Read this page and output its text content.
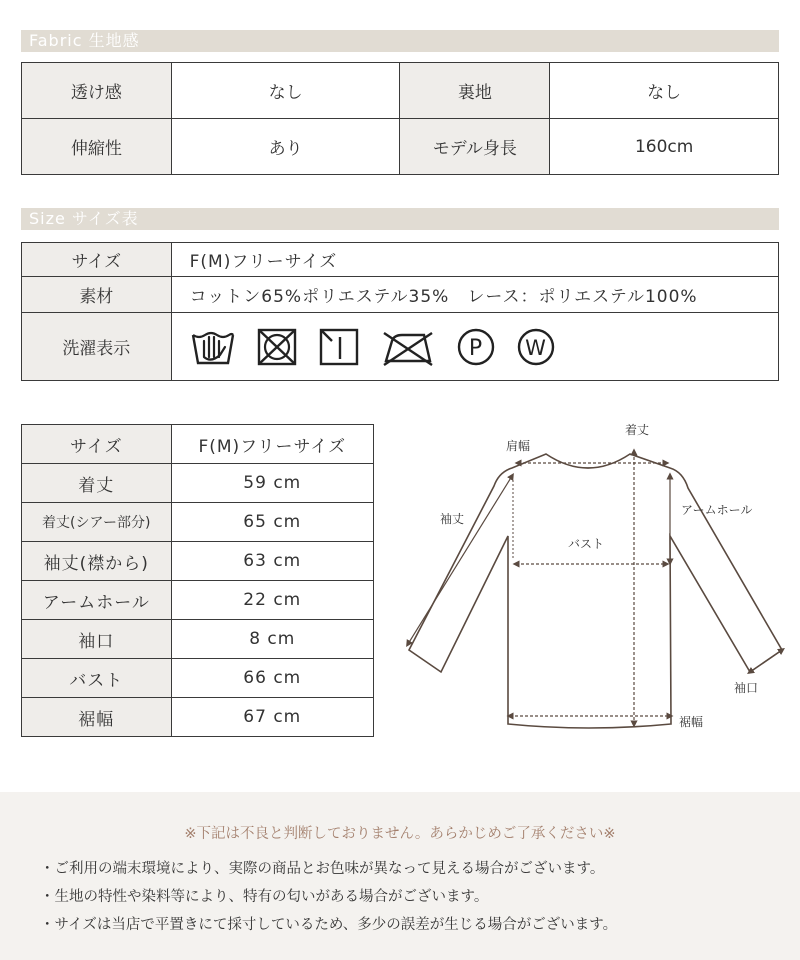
Fabric 生地感
透け感	なし	裏地	なし
伸縮性	あり	モデル身長	160cm
Size サイズ表
サイズ	F(M)フリーサイズ
素材	コットン65%ポリエステル35%　レース：ポリエステル100%
洗濯表示	P W
サイズ	F(M)フリーサイズ
着丈	59 cm
着丈(シアー部分)	65 cm
袖丈(襟から)	63 cm
アームホール	22 cm
袖口	8 cm
バスト	66 cm
裾幅	67 cm
肩幅
着丈
袖丈
アームホール
バスト
袖口
裾幅
※下記は不良と判断しておりません。あらかじめご了承ください※
・ご利用の端末環境により、実際の商品とお色味が異なって見える場合がございます。
・生地の特性や染料等により、特有の匂いがある場合がございます。
・サイズは当店で平置きにて採寸しているため、多少の誤差が生じる場合がございます。
